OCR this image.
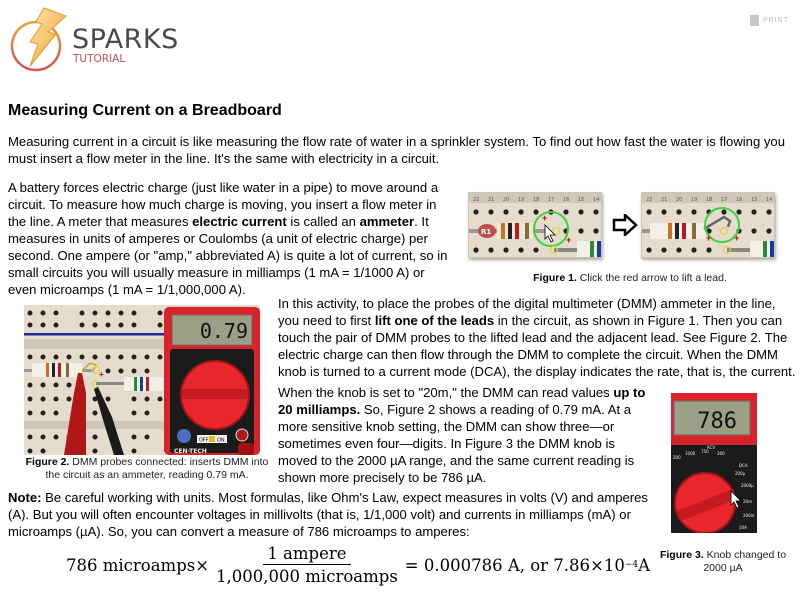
SPARKS
TUTORIAL
PRINT
Measuring Current on a Breadboard

Measuring current in a circuit is like measuring the flow rate of water in a sprinkler system. To find out how fast the water is flowing you must insert a flow meter in the line. It's the same with electricity in a circuit.

A battery forces electric charge (just like water in a pipe) to move around a circuit. To measure how much charge is moving, you insert a flow meter in the line. A meter that measures electric current is called an ammeter. It measures in units of amperes or Coulombs (a unit of electric charge) per second. One ampere (or "amp," abbreviated A) is quite a lot of current, so in small circuits you will usually measure in milliamps (1 mA = 1/1000 A) or even microamps (1 mA = 1/1,000,000 A).

22 21 20 19 18 17 16 15 14
R1
+
+
22 21 20 19 18 17 16 15 14
+	+
Figure 1. Click the red arrow to lift a lead.
+
0.79
OFF ON
CEN-TECH
Figure 2. DMM probes connected: inserts DMM into the circuit as an ammeter, reading 0.79 mA.

In this activity, to place the probes of the digital multimeter (DMM) ammeter in the line, you need to first lift one of the leads in the circuit, as shown in Figure 1. Then you can touch the pair of DMM probes to the lifted lead and the adjacent lead. See Figure 2. The electric charge can then flow through the DMM to complete the circuit. When the DMM knob is turned to a current mode (DCA), the display indicates the rate, that is, the current.

When the knob is set to "20m," the DMM can read values up to 20 milliamps. So, Figure 2 shows a reading of 0.79 mA. At a more sensitive knob setting, the DMM can show three—or sometimes even four—digits. In Figure 3 the DMM knob is moved to the 2000 µA range, and the same current reading is shown more precisely to be 786 µA.

786
200
1000 750
ACV
200
DCA
200µ
2000µ
20m
200m
10A
Figure 3. Knob changed to 2000 µA

Note: Be careful working with units. Most formulas, like Ohm's Law, expect measures in volts (V) and amperes (A). But you will often encounter voltages in millivolts (that is, 1/1,000 volt) and currents in milliamps (mA) or microamps (µA). So, you can convert a measure of 786 microamps to amperes:

786 microamps× $\frac{\text{1 ampere}}{\text{1,000,000 microamps}} = 0.000786$ A, or 7.86×10 −4 A
